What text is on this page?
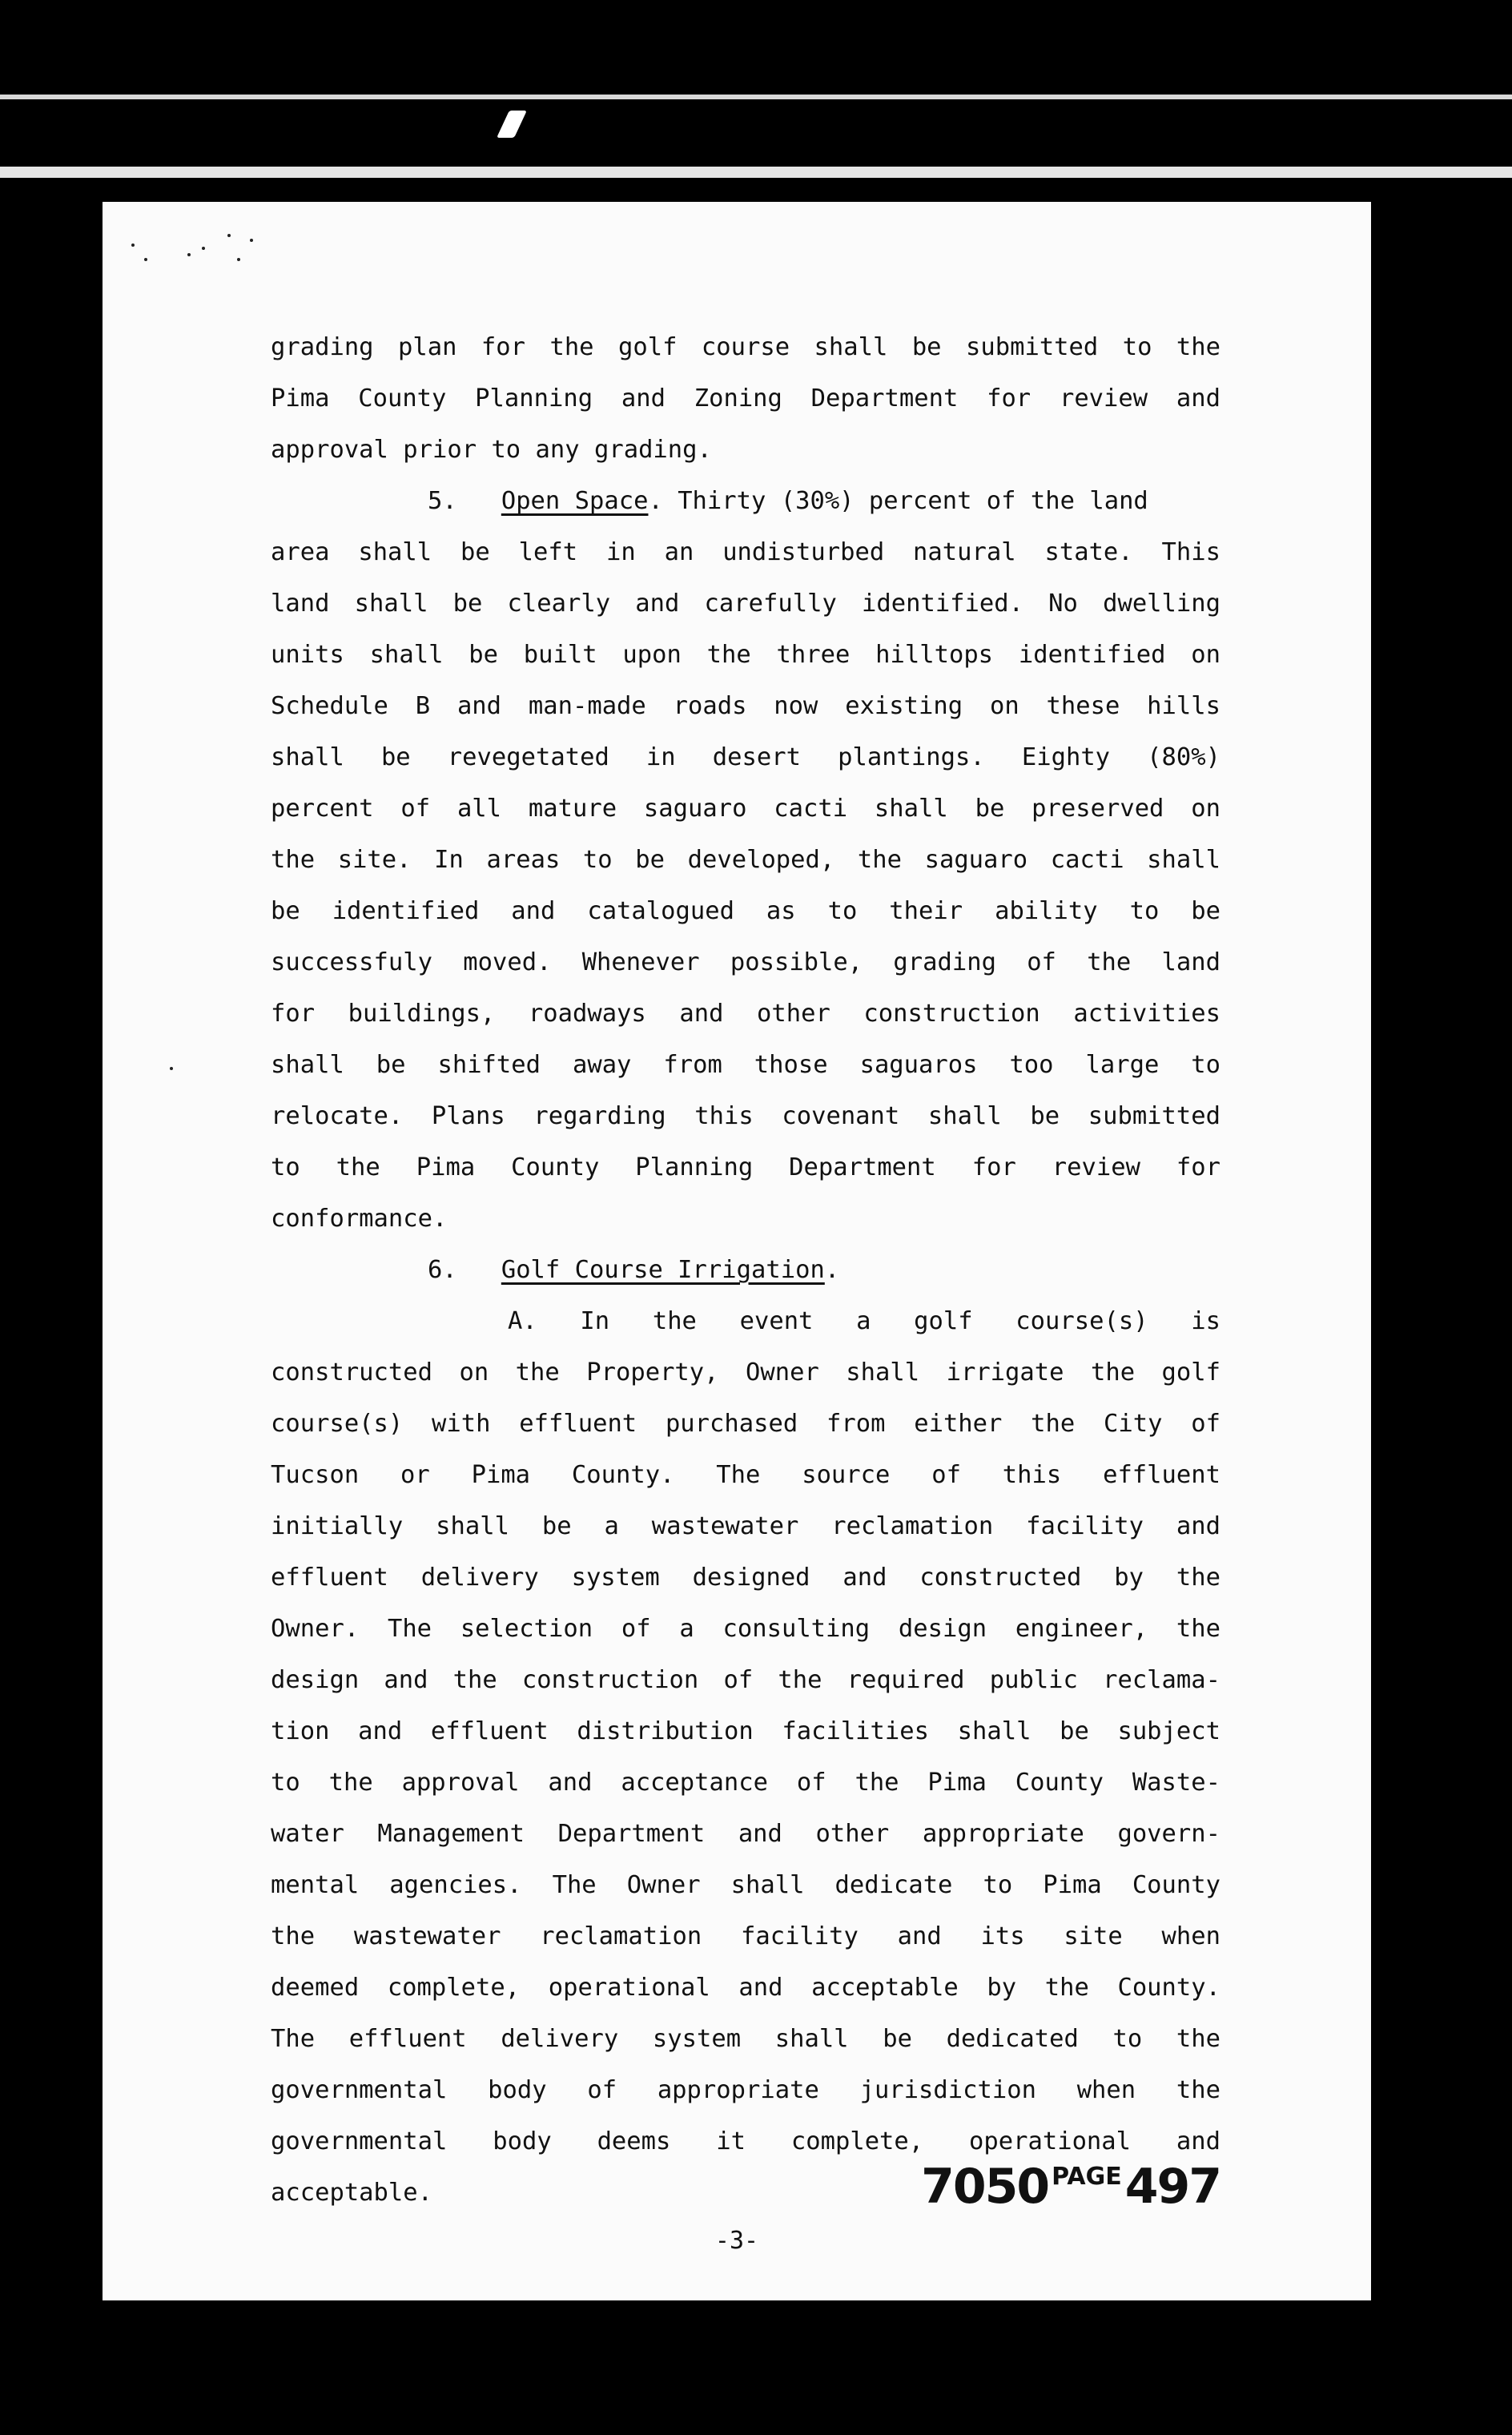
grading plan for the golf course shall be submitted to the
Pima County Planning and Zoning Department for review and
approval prior to any grading.
5. Open Space. Thirty (30%) percent of the land
area shall be left in an undisturbed natural state. This
land shall be clearly and carefully identified. No dwelling
units shall be built upon the three hilltops identified on
Schedule B and man-made roads now existing on these hills
shall be revegetated in desert plantings. Eighty (80%)
percent of all mature saguaro cacti shall be preserved on
the site. In areas to be developed, the saguaro cacti shall
be identified and catalogued as to their ability to be
successfuly moved. Whenever possible, grading of the land
for buildings, roadways and other construction activities
shall be shifted away from those saguaros too large to
relocate. Plans regarding this covenant shall be submitted
to the Pima County Planning Department for review for
conformance.
6. Golf Course Irrigation.
A. In the event a golf course(s) is
constructed on the Property, Owner shall irrigate the golf
course(s) with effluent purchased from either the City of
Tucson or Pima County. The source of this effluent
initially shall be a wastewater reclamation facility and
effluent delivery system designed and constructed by the
Owner. The selection of a consulting design engineer, the
design and the construction of the required public reclama-
tion and effluent distribution facilities shall be subject
to the approval and acceptance of the Pima County Waste-
water Management Department and other appropriate govern-
mental agencies. The Owner shall dedicate to Pima County
the wastewater reclamation facility and its site when
deemed complete, operational and acceptable by the County.
The effluent delivery system shall be dedicated to the
governmental body of appropriate jurisdiction when the
governmental body deems it complete, operational and
acceptable.	7050 $^{PAGE}$497
-3-
